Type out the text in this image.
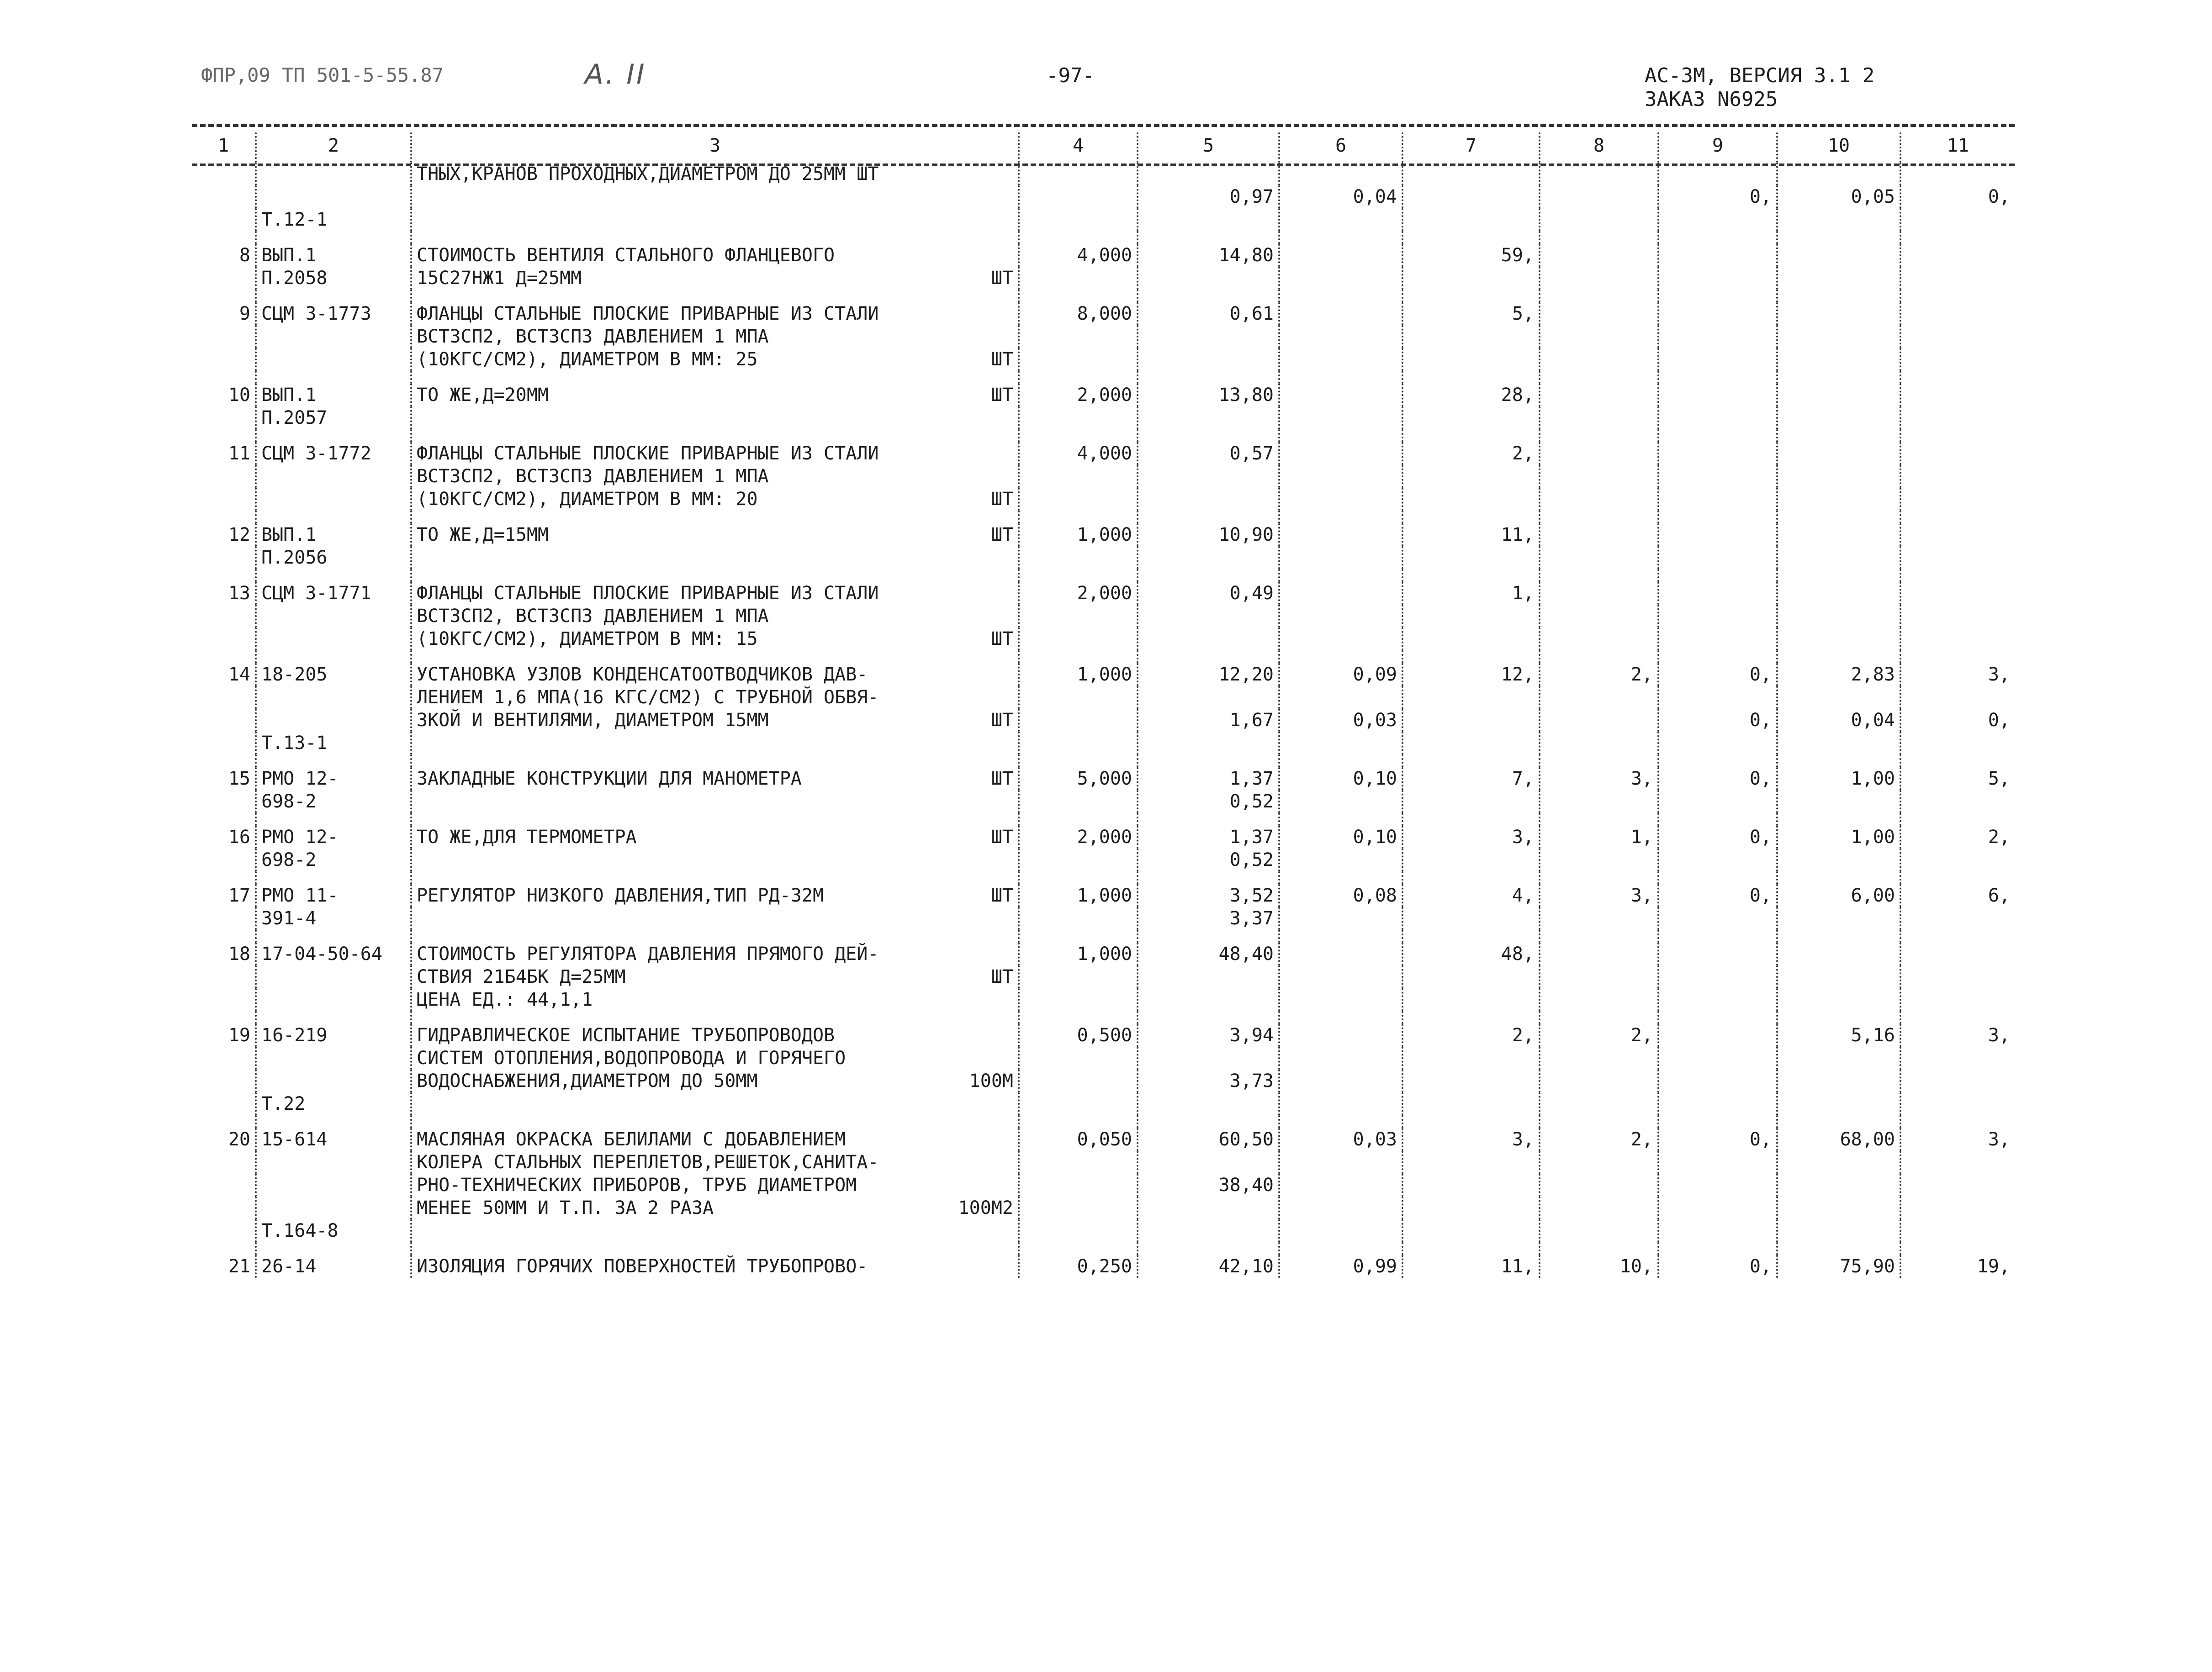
ФПР,09 ТП 501-5-55.87	А. II	-97-	АС-3М, ВЕРСИЯ 3.1 2
ЗАКАЗ N6925
1	2	3	4	5	6	7	8	9	10	11
		ТНЫХ,КРАНОВ ПРОХОДНЫХ,ДИАМЕТРОМ ДО 25ММ ШТ

		0,97	0,04			0,	0,05	0,
	Т.12-1	

8	ВЫП.1	СТОИМОСТЬ ВЕНТИЛЯ СТАЛЬНОГО ФЛАНЦЕВОГО	4,000	14,80		59,				
	П.2058	15С27НЖ1 Д=25ММ ШТ								

9	СЦМ 3-1773	ФЛАНЦЫ СТАЛЬНЫЕ ПЛОСКИЕ ПРИВАРНЫЕ ИЗ СТАЛИ	8,000	0,61		5,				
		ВСТ3СП2, ВСТ3СП3 ДАВЛЕНИЕМ 1 МПА

		(10КГС/СМ2), ДИАМЕТРОМ В ММ: 25 ШТ								

10	ВЫП.1	ТО ЖЕ,Д=20ММ ШТ	2,000	13,80		28,				
	П.2057	

11	СЦМ 3-1772	ФЛАНЦЫ СТАЛЬНЫЕ ПЛОСКИЕ ПРИВАРНЫЕ ИЗ СТАЛИ	4,000	0,57		2,				
		ВСТ3СП2, ВСТ3СП3 ДАВЛЕНИЕМ 1 МПА

		(10КГС/СМ2), ДИАМЕТРОМ В ММ: 20 ШТ								

12	ВЫП.1	ТО ЖЕ,Д=15ММ ШТ	1,000	10,90		11,				
	П.2056	

13	СЦМ 3-1771	ФЛАНЦЫ СТАЛЬНЫЕ ПЛОСКИЕ ПРИВАРНЫЕ ИЗ СТАЛИ	2,000	0,49		1,				
		ВСТ3СП2, ВСТ3СП3 ДАВЛЕНИЕМ 1 МПА

		(10КГС/СМ2), ДИАМЕТРОМ В ММ: 15 ШТ								

14	18-205	УСТАНОВКА УЗЛОВ КОНДЕНСАТООТВОДЧИКОВ ДАВ-	1,000	12,20	0,09	12,	2,	0,	2,83	3,
		ЛЕНИЕМ 1,6 МПА(16 КГС/СМ2) С ТРУБНОЙ ОБВЯ-

		ЗКОЙ И ВЕНТИЛЯМИ, ДИАМЕТРОМ 15ММ ШТ		1,67	0,03			0,	0,04	0,
	Т.13-1	

15	РМО 12-	ЗАКЛАДНЫЕ КОНСТРУКЦИИ ДЛЯ МАНОМЕТРА ШТ	5,000	1,37	0,10	7,	3,	0,	1,00	5,
	698-2			0,52						

16	РМО 12-	ТО ЖЕ,ДЛЯ ТЕРМОМЕТРА ШТ	2,000	1,37	0,10	3,	1,	0,	1,00	2,
	698-2			0,52						

17	РМО 11-	РЕГУЛЯТОР НИЗКОГО ДАВЛЕНИЯ,ТИП РД-32М ШТ	1,000	3,52	0,08	4,	3,	0,	6,00	6,
	391-4			3,37						

18	17-04-50-64	СТОИМОСТЬ РЕГУЛЯТОРА ДАВЛЕНИЯ ПРЯМОГО ДЕЙ-	1,000	48,40		48,				
		СТВИЯ 21Б4БК Д=25ММ ШТ								

		ЦЕНА ЕД.: 44,1,1

19	16-219	ГИДРАВЛИЧЕСКОЕ ИСПЫТАНИЕ ТРУБОПРОВОДОВ	0,500	3,94		2,	2,		5,16	3,
		СИСТЕМ ОТОПЛЕНИЯ,ВОДОПРОВОДА И ГОРЯЧЕГО

		ВОДОСНАБЖЕНИЯ,ДИАМЕТРОМ ДО 50ММ 100М		3,73						
	Т.22	

20	15-614	МАСЛЯНАЯ ОКРАСКА БЕЛИЛАМИ С ДОБАВЛЕНИЕМ	0,050	60,50	0,03	3,	2,	0,	68,00	3,
		КОЛЕРА СТАЛЬНЫХ ПЕРЕПЛЕТОВ,РЕШЕТОК,САНИТА-

		РНО-ТЕХНИЧЕСКИХ ПРИБОРОВ, ТРУБ ДИАМЕТРОМ		38,40						
		МЕНЕЕ 50ММ И Т.П. ЗА 2 РАЗА 100М2								

	Т.164-8	

21	26-14	ИЗОЛЯЦИЯ ГОРЯЧИХ ПОВЕРХНОСТЕЙ ТРУБОПРОВО-	0,250	42,10	0,99	11,	10,	0,	75,90	19,
